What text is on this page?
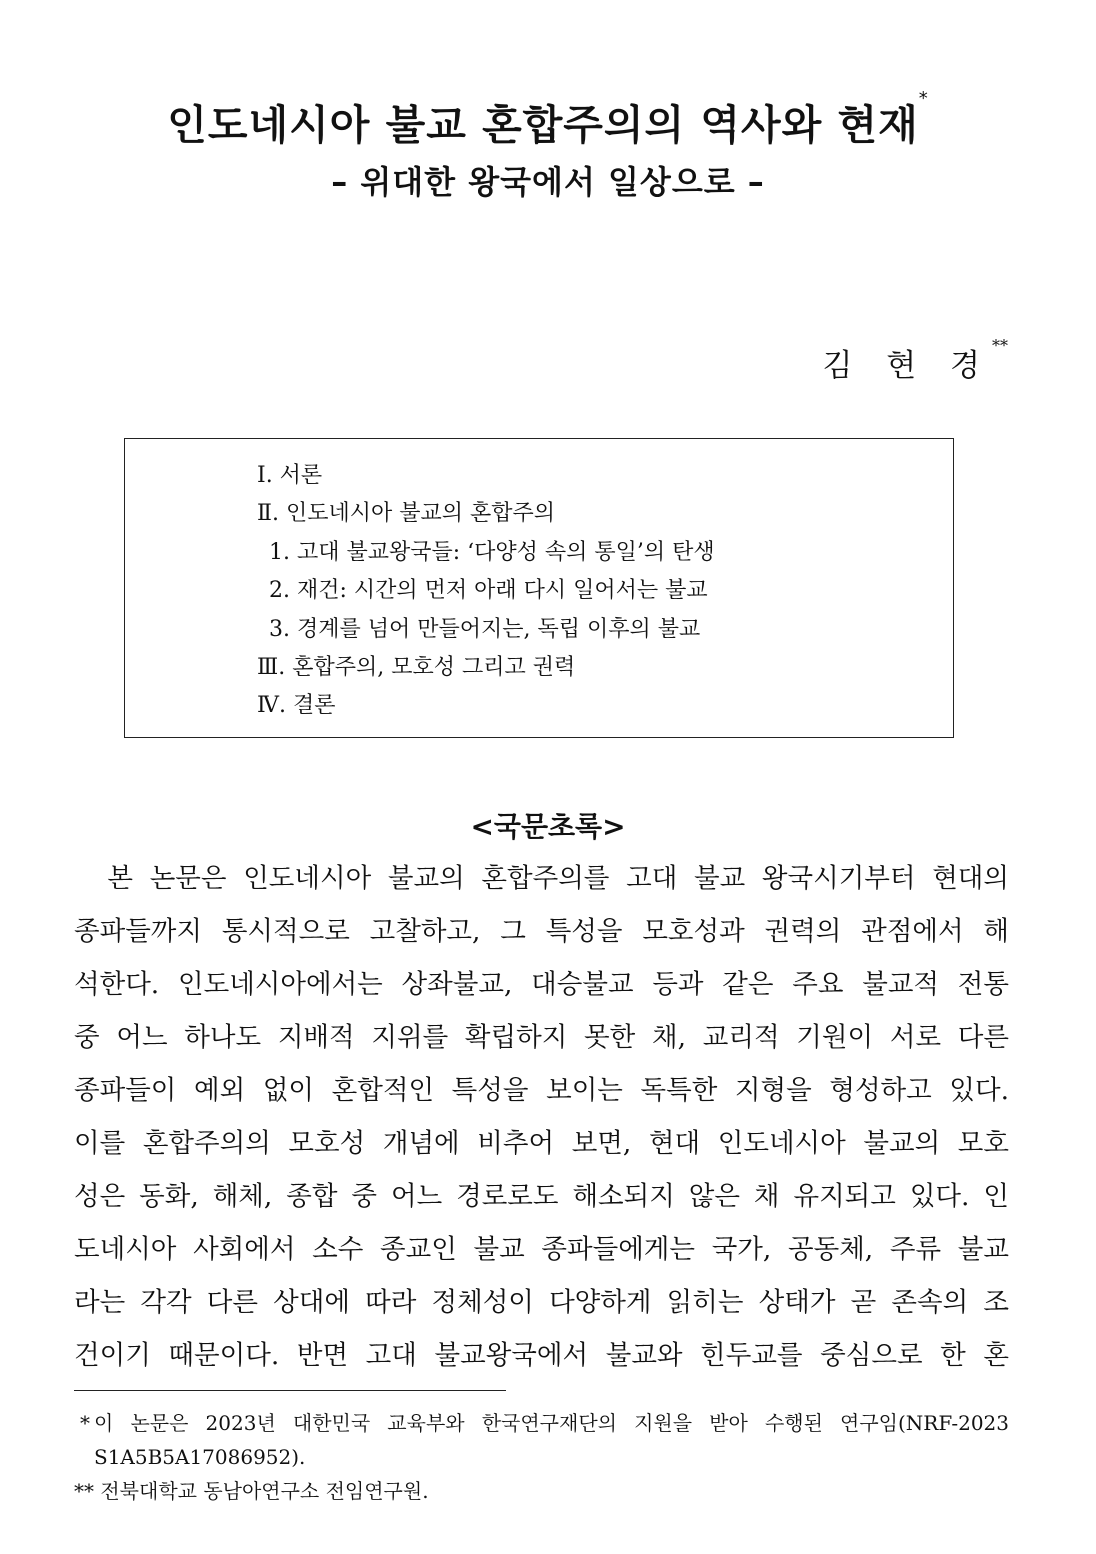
인도네시아 불교 혼합주의의 역사와 현재*
– 위대한 왕국에서 일상으로 –
김 현 경**
Ⅰ. 서론
Ⅱ. 인도네시아 불교의 혼합주의
1. 고대 불교왕국들: ‘다양성 속의 통일’의 탄생
2. 재건: 시간의 먼저 아래 다시 일어서는 불교
3. 경계를 넘어 만들어지는, 독립 이후의 불교
Ⅲ. 혼합주의, 모호성 그리고 권력
Ⅳ. 결론
<국문초록>

본 논문은 인도네시아 불교의 혼합주의를 고대 불교 왕국시기부터 현대의
종파들까지 통시적으로 고찰하고, 그 특성을 모호성과 권력의 관점에서 해
석한다. 인도네시아에서는 상좌불교, 대승불교 등과 같은 주요 불교적 전통
중 어느 하나도 지배적 지위를 확립하지 못한 채, 교리적 기원이 서로 다른
종파들이 예외 없이 혼합적인 특성을 보이는 독특한 지형을 형성하고 있다.
이를 혼합주의의 모호성 개념에 비추어 보면, 현대 인도네시아 불교의 모호
성은 동화, 해체, 종합 중 어느 경로로도 해소되지 않은 채 유지되고 있다. 인
도네시아 사회에서 소수 종교인 불교 종파들에게는 국가, 공동체, 주류 불교
라는 각각 다른 상대에 따라 정체성이 다양하게 읽히는 상태가 곧 존속의 조
건이기 때문이다. 반면 고대 불교왕국에서 불교와 힌두교를 중심으로 한 혼

* 이 논문은 2023년 대한민국 교육부와 한국연구재단의 지원을 받아 수행된 연구임(NRF-2023
S1A5B5A17086952).
** 전북대학교 동남아연구소 전임연구원.
